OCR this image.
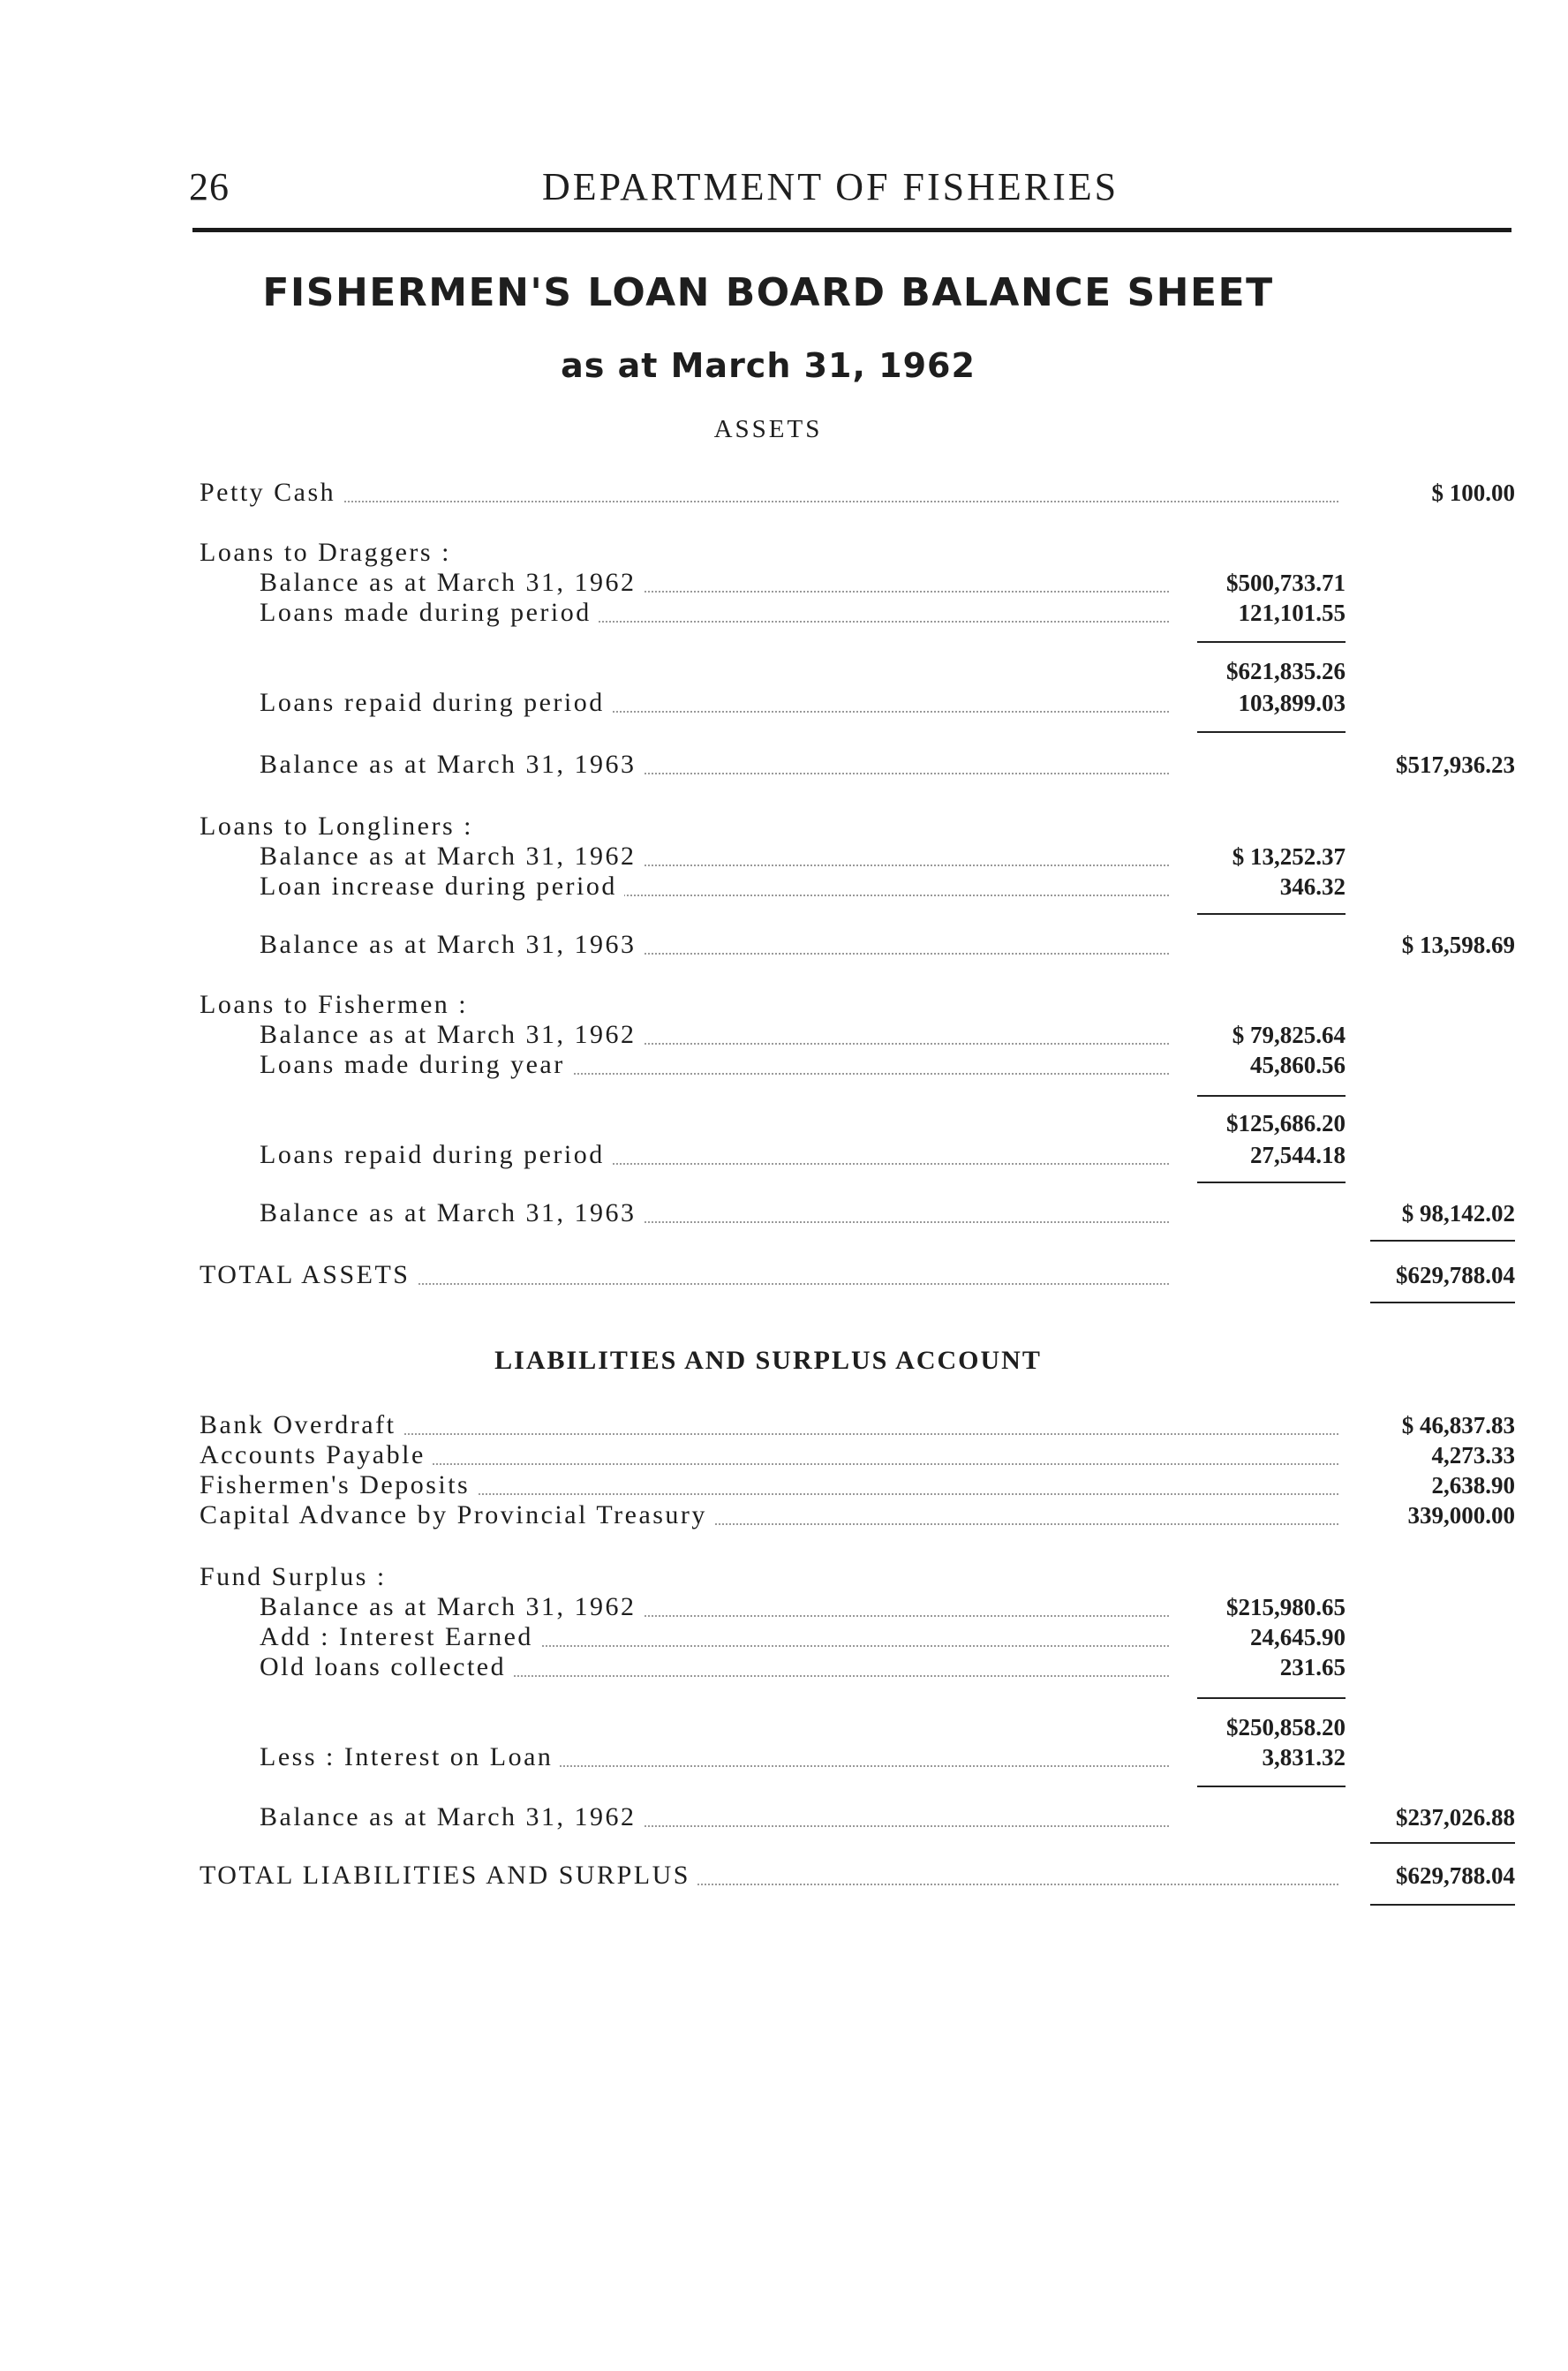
26	DEPARTMENT OF FISHERIES
FISHERMEN'S LOAN BOARD BALANCE SHEET
as at March 31, 1962
ASSETS
Petty Cash	$ 100.00
Loans to Draggers :
Balance as at March 31, 1962	$500,733.71
Loans made during period	121,101.55
$621,835.26
Loans repaid during period	103,899.03
Balance as at March 31, 1963	$517,936.23
Loans to Longliners :
Balance as at March 31, 1962	$ 13,252.37
Loan increase during period	346.32
Balance as at March 31, 1963	$ 13,598.69
Loans to Fishermen :
Balance as at March 31, 1962	$ 79,825.64
Loans made during year	45,860.56
$125,686.20
Loans repaid during period	27,544.18
Balance as at March 31, 1963	$ 98,142.02
TOTAL ASSETS	$629,788.04
LIABILITIES AND SURPLUS ACCOUNT
Bank Overdraft	$ 46,837.83
Accounts Payable	4,273.33
Fishermen's Deposits	2,638.90
Capital Advance by Provincial Treasury	339,000.00
Fund Surplus :
Balance as at March 31, 1962	$215,980.65
Add : Interest Earned	24,645.90
Old loans collected	231.65
$250,858.20
Less : Interest on Loan	3,831.32
Balance as at March 31, 1962	$237,026.88
TOTAL LIABILITIES AND SURPLUS	$629,788.04
